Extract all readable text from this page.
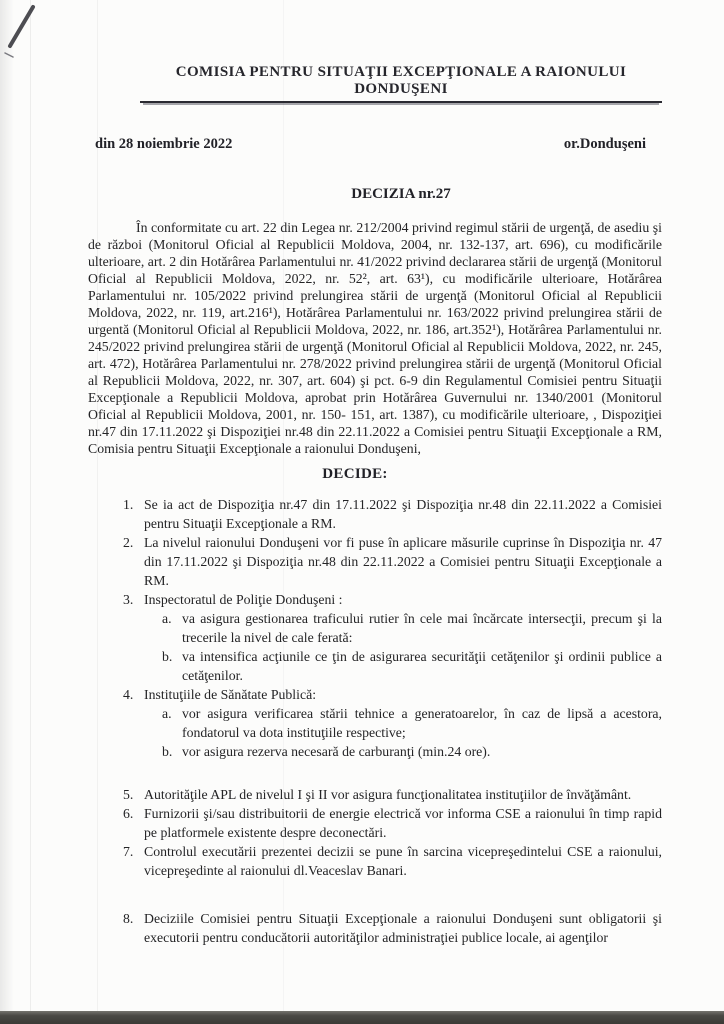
COMISIA PENTRU SITUAŢII EXCEPŢIONALE A RAIONULUI DONDUŞENI
din 28 noiembrie 2022	or.Donduşeni
DECIZIA nr.27

În conformitate cu art. 22 din Legea nr. 212/2004 privind regimul stării de urgenţă, de asediu şi de război (Monitorul Oficial al Republicii Moldova, 2004, nr. 132-137, art. 696), cu modificările ulterioare, art. 2 din Hotărârea Parlamentului nr. 41/2022 privind declararea stării de urgenţă (Monitorul Oficial al Republicii Moldova, 2022, nr. 52², art. 63¹), cu modificările ulterioare, Hotărârea Parlamentului nr. 105/2022 privind prelungirea stării de urgenţă (Monitorul Oficial al Republicii Moldova, 2022, nr. 119, art.216¹), Hotărârea Parlamentului nr. 163/2022 privind prelungirea stării de urgentă (Monitorul Oficial al Republicii Moldova, 2022, nr. 186, art.352¹), Hotărârea Parlamentului nr. 245/2022 privind prelungirea stării de urgenţă (Monitorul Oficial al Republicii Moldova, 2022, nr. 245, art. 472), Hotărârea Parlamentului nr. 278/2022 privind prelungirea stării de urgenţă (Monitorul Oficial al Republicii Moldova, 2022, nr. 307, art. 604) şi pct. 6-9 din Regulamentul Comisiei pentru Situaţii Excepţionale a Republicii Moldova, aprobat prin Hotărârea Guvernului nr. 1340/2001 (Monitorul Oficial al Republicii Moldova, 2001, nr. 150- 151, art. 1387), cu modificările ulterioare, , Dispoziţiei nr.47 din 17.11.2022 şi Dispoziţiei nr.48 din 22.11.2022 a Comisiei pentru Situaţii Excepţionale a RM, Comisia pentru Situaţii Excepţionale a raionului Donduşeni,

DECIDE:
1. Se ia act de Dispoziţia nr.47 din 17.11.2022 şi Dispoziţia nr.48 din 22.11.2022 a Comisiei pentru Situaţii Excepţionale a RM.
2. La nivelul raionului Donduşeni vor fi puse în aplicare măsurile cuprinse în Dispoziţia nr. 47 din 17.11.2022 şi Dispoziţia nr.48 din 22.11.2022 a Comisiei pentru Situaţii Excepţionale a RM.
3. Inspectoratul de Poliţie Donduşeni :
a. va asigura gestionarea traficului rutier în cele mai încărcate intersecţii, precum şi la trecerile la nivel de cale ferată:
b. va intensifica acţiunile ce ţin de asigurarea securităţii cetăţenilor şi ordinii publice a cetăţenilor.
4. Instituţiile de Sănătate Publică:
a. vor asigura verificarea stării tehnice a generatoarelor, în caz de lipsă a acestora, fondatorul va dota instituţiile respective;
b. vor asigura rezerva necesară de carburanţi (min.24 ore).
5. Autorităţile APL de nivelul I şi II vor asigura funcţionalitatea instituţiilor de învăţământ.
6. Furnizorii şi/sau distribuitorii de energie electrică vor informa CSE a raionului în timp rapid pe platformele existente despre deconectări.
7. Controlul executării prezentei decizii se pune în sarcina vicepreşedintelui CSE a raionului, vicepreşedinte al raionului dl.Veaceslav Banari.
8. Deciziile Comisiei pentru Situaţii Excepţionale a raionului Donduşeni sunt obligatorii şi executorii pentru conducătorii autorităţilor administraţiei publice locale, ai agenţilor
